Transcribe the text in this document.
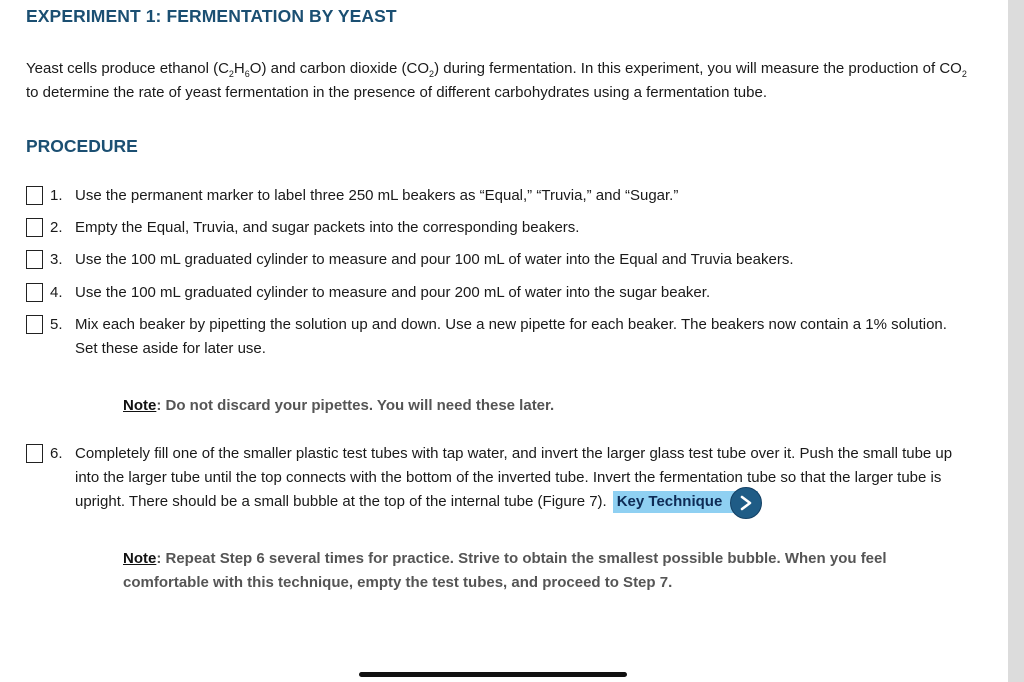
EXPERIMENT 1: FERMENTATION BY YEAST

Yeast cells produce ethanol $(C_2H_6O)$ and carbon dioxide $(CO_2)$ during fermentation. In this experiment, you will measure the production of $CO_2$ to determine the rate of yeast fermentation in the presence of different carbohydrates using a fermentation tube.

PROCEDURE
1. Use the permanent marker to label three 250 mL beakers as “Equal,” “Truvia,” and “Sugar.”
2. Empty the Equal, Truvia, and sugar packets into the corresponding beakers.
3. Use the 100 mL graduated cylinder to measure and pour 100 mL of water into the Equal and Truvia beakers.
4. Use the 100 mL graduated cylinder to measure and pour 200 mL of water into the sugar beaker.
5. Mix each beaker by pipetting the solution up and down. Use a new pipette for each beaker. The beakers now contain a 1% solution. Set these aside for later use.
Note: Do not discard your pipettes. You will need these later.
6. Completely fill one of the smaller plastic test tubes with tap water, and invert the larger glass test tube over it. Push the small tube up into the larger tube until the top connects with the bottom of the inverted tube. Invert the fermentation tube so that the larger tube is upright. There should be a small bubble at the top of the internal tube (Figure 7). Key Technique
Note: Repeat Step 6 several times for practice. Strive to obtain the smallest possible bubble. When you feel comfortable with this technique, empty the test tubes, and proceed to Step 7.
